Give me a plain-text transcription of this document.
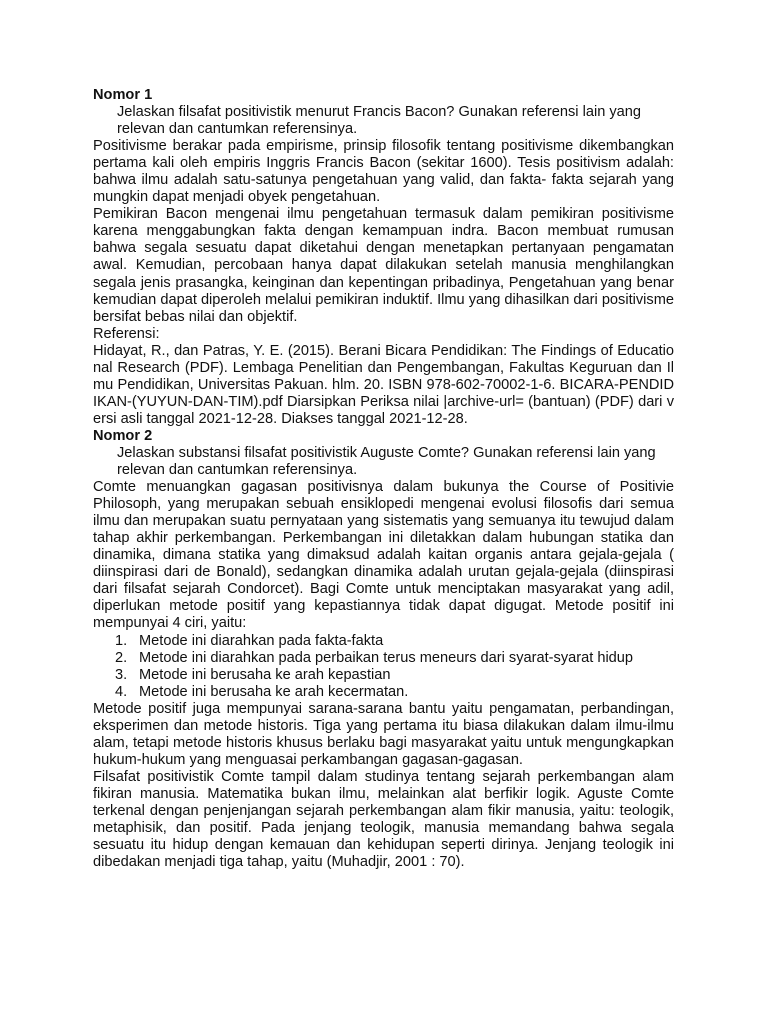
Nomor 1

Jelaskan filsafat positivistik menurut Francis Bacon? Gunakan referensi lain yang relevan dan cantumkan referensinya.

Positivisme berakar pada empirisme, prinsip filosofik tentang positivisme dikembangkan pertama kali oleh empiris Inggris Francis Bacon (sekitar 1600). Tesis positivism adalah: bahwa ilmu adalah satu-satunya pengetahuan yang valid, dan fakta- fakta sejarah yang mungkin dapat menjadi obyek pengetahuan.

Pemikiran Bacon mengenai ilmu pengetahuan termasuk dalam pemikiran positivisme karena menggabungkan fakta dengan kemampuan indra. Bacon membuat rumusan bahwa segala sesuatu dapat diketahui dengan menetapkan pertanyaan pengamatan awal. Kemudian, percobaan hanya dapat dilakukan setelah manusia menghilangkan segala jenis prasangka, keinginan dan kepentingan pribadinya, Pengetahuan yang benar kemudian dapat diperoleh melalui pemikiran induktif. Ilmu yang dihasilkan dari positivisme bersifat bebas nilai dan objektif.

Referensi:

Hidayat, R., dan Patras, Y. E. (2015). Berani Bicara Pendidikan: The Findings of Educational Research (PDF). Lembaga Penelitian dan Pengembangan, Fakultas Keguruan dan Ilmu Pendidikan, Universitas Pakuan. hlm. 20. ISBN 978-602-70002-1-6. BICARA-PENDIDIKAN-(YUYUN-DAN-TIM).pdf Diarsipkan Periksa nilai |archive-url= (bantuan) (PDF) dari versi asli tanggal 2021-12-28. Diakses tanggal 2021-12-28.

Nomor 2

Jelaskan substansi filsafat positivistik Auguste Comte? Gunakan referensi lain yang relevan dan cantumkan referensinya.

Comte menuangkan gagasan positivisnya dalam bukunya the Course of Positivie Philosoph, yang merupakan sebuah ensiklopedi mengenai evolusi filosofis dari semua ilmu dan merupakan suatu pernyataan yang sistematis yang semuanya itu tewujud dalam tahap akhir perkembangan. Perkembangan ini diletakkan dalam hubungan statika dan dinamika, dimana statika yang dimaksud adalah kaitan organis antara gejala-gejala ( diinspirasi dari de Bonald), sedangkan dinamika adalah urutan gejala-gejala (diinspirasi dari filsafat sejarah Condorcet). Bagi Comte untuk menciptakan masyarakat yang adil, diperlukan metode positif yang kepastiannya tidak dapat digugat. Metode positif ini mempunyai 4 ciri, yaitu:

1. Metode ini diarahkan pada fakta-fakta
2. Metode ini diarahkan pada perbaikan terus meneurs dari syarat-syarat hidup
3. Metode ini berusaha ke arah kepastian
4. Metode ini berusaha ke arah kecermatan.

Metode positif juga mempunyai sarana-sarana bantu yaitu pengamatan, perbandingan, eksperimen dan metode historis. Tiga yang pertama itu biasa dilakukan dalam ilmu-ilmu alam, tetapi metode historis khusus berlaku bagi masyarakat yaitu untuk mengungkapkan hukum-hukum yang menguasai perkambangan gagasan-gagasan.

Filsafat positivistik Comte tampil dalam studinya tentang sejarah perkembangan alam fikiran manusia. Matematika bukan ilmu, melainkan alat berfikir logik. Aguste Comte terkenal dengan penjenjangan sejarah perkembangan alam fikir manusia, yaitu: teologik, metaphisik, dan positif. Pada jenjang teologik, manusia memandang bahwa segala sesuatu itu hidup dengan kemauan dan kehidupan seperti dirinya. Jenjang teologik ini dibedakan menjadi tiga tahap, yaitu (Muhadjir, 2001 : 70).
